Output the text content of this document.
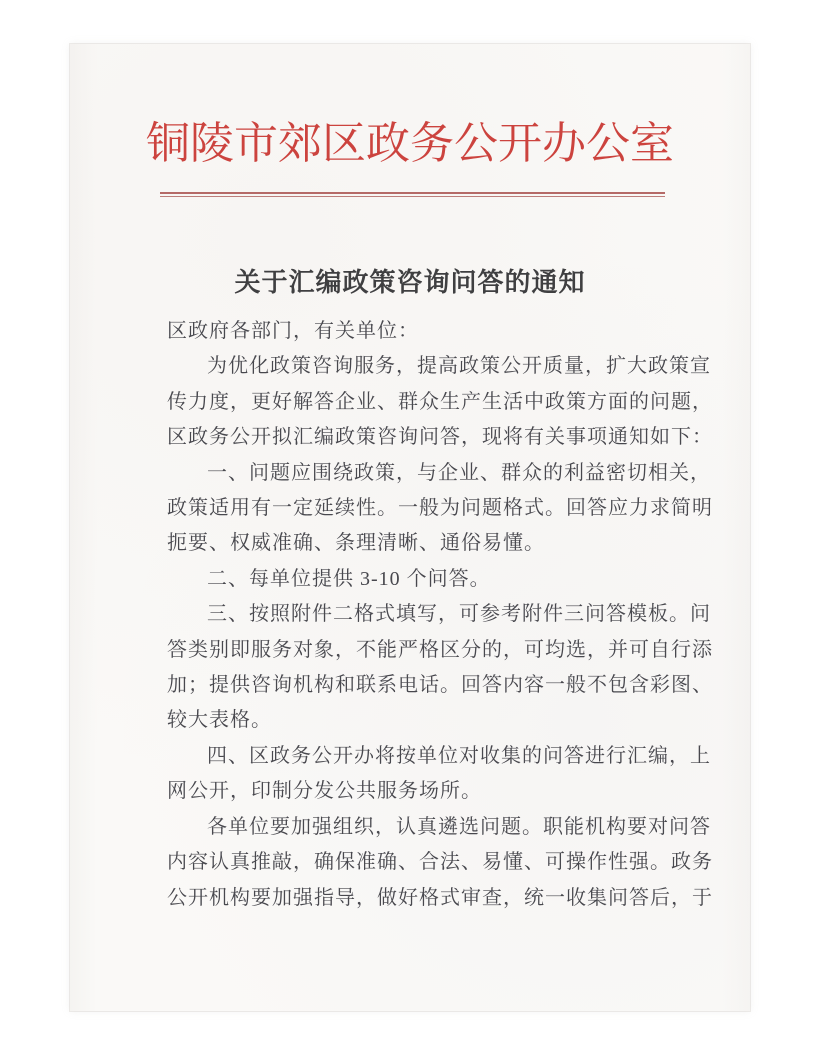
铜陵市郊区政务公开办公室
关于汇编政策咨询问答的通知
区政府各部门，有关单位：
为优化政策咨询服务，提高政策公开质量，扩大政策宣
传力度，更好解答企业、群众生产生活中政策方面的问题，
区政务公开拟汇编政策咨询问答，现将有关事项通知如下：
一、问题应围绕政策，与企业、群众的利益密切相关，
政策适用有一定延续性。一般为问题格式。回答应力求简明
扼要、权威准确、条理清晰、通俗易懂。
二、每单位提供 3-10 个问答。
三、按照附件二格式填写，可参考附件三问答模板。问
答类别即服务对象，不能严格区分的，可均选，并可自行添
加；提供咨询机构和联系电话。回答内容一般不包含彩图、
较大表格。
四、区政务公开办将按单位对收集的问答进行汇编，上
网公开，印制分发公共服务场所。
各单位要加强组织，认真遴选问题。职能机构要对问答
内容认真推敲，确保准确、合法、易懂、可操作性强。政务
公开机构要加强指导，做好格式审查，统一收集问答后，于
